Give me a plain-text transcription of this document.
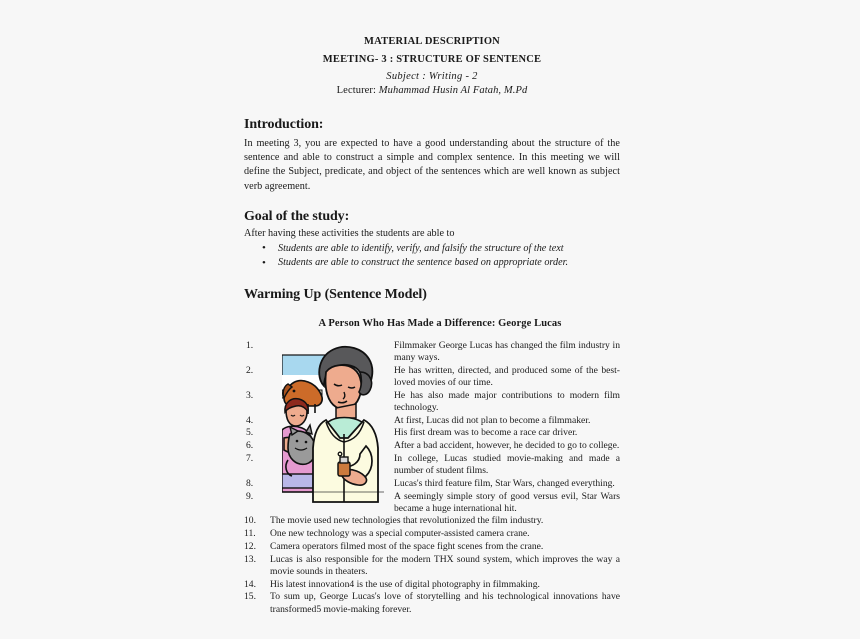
MATERIAL DESCRIPTION
MEETING- 3 : STRUCTURE OF SENTENCE
Subject : Writing - 2
Lecturer: Muhammad Husin Al Fatah, M.Pd
Introduction:

In meeting 3, you are expected to have a good understanding about the structure of the sentence and able to construct a simple and complex sentence. In this meeting we will define the Subject, predicate, and object of the sentences which are well known as subject verb agreement.

Goal of the study:

After having these activities the students are able to

• Students are able to identify, verify, and falsify the structure of the text
• Students are able to construct the sentence based on appropriate order.
Warming Up (Sentence Model)
A Person Who Has Made a Difference: George Lucas
Filmmaker George Lucas has changed the film industry in many ways.
He has written, directed, and produced some of the best-loved movies of our time.
He has also made major contributions to modern film technology.
At first, Lucas did not plan to become a filmmaker.
His first dream was to become a race car driver.
After a bad accident, however, he decided to go to college.
In college, Lucas studied movie-making and made a number of student films.
Lucas's third feature film, Star Wars, changed everything.
A seemingly simple story of good versus evil, Star Wars became a huge international hit.
The movie used new technologies that revolutionized the film industry.
One new technology was a special computer-assisted camera crane.
Camera operators filmed most of the space fight scenes from the crane.
Lucas is also responsible for the modern THX sound system, which improves the way a movie sounds in theaters.
His latest innovation4 is the use of digital photography in filmmaking.
To sum up, George Lucas's love of storytelling and his technological innovations have transformed5 movie-making forever.
